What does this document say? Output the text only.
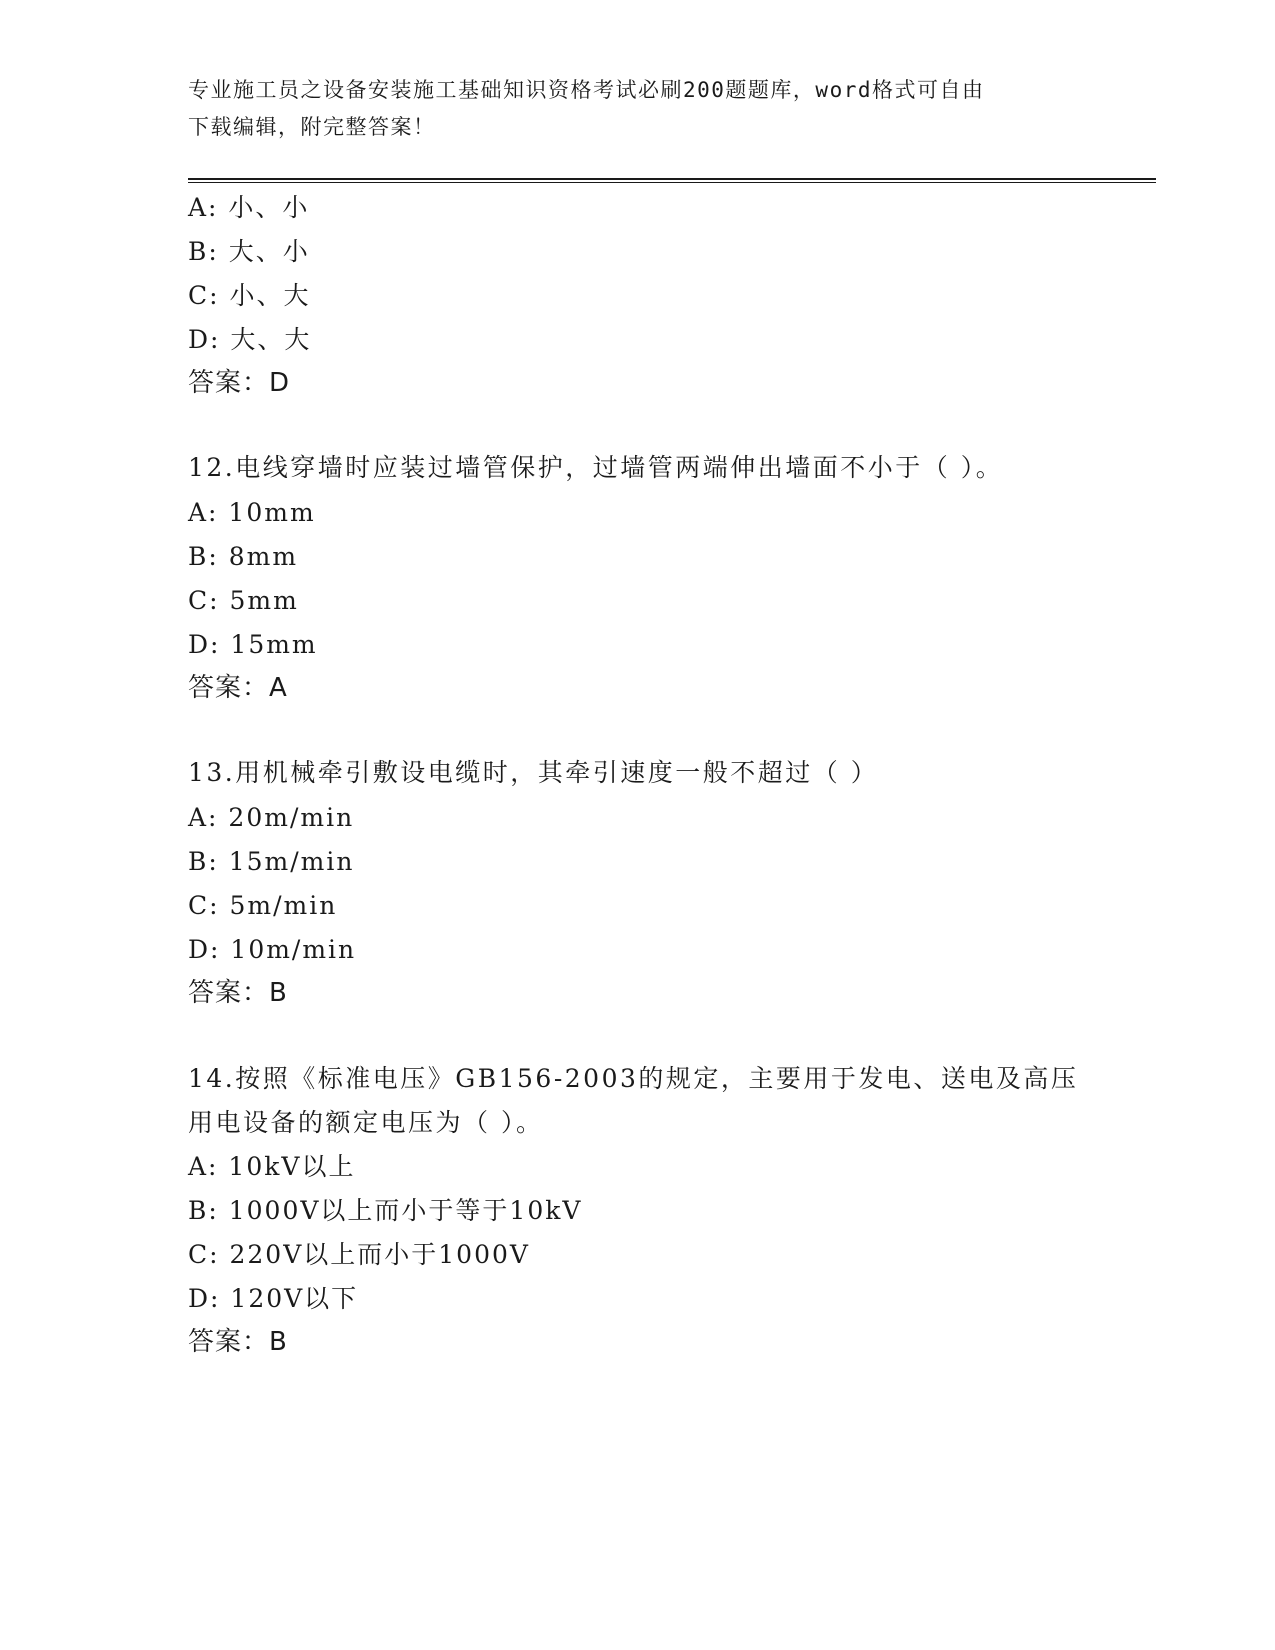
专业施工员之设备安装施工基础知识资格考试必刷200题题库，word格式可自由
下载编辑，附完整答案！
A: 小、小
B: 大、小
C: 小、大
D: 大、大
答案：D
12.电线穿墙时应装过墙管保护，过墙管两端伸出墙面不小于（ ）。
A: 10mm
B: 8mm
C: 5mm
D: 15mm
答案：A
13.用机械牵引敷设电缆时，其牵引速度一般不超过（ ）
A: 20m/min
B: 15m/min
C: 5m/min
D: 10m/min
答案：B
14.按照《标准电压》GB156-2003的规定，主要用于发电、送电及高压
用电设备的额定电压为（ ）。
A: 10kV以上
B: 1000V以上而小于等于10kV
C: 220V以上而小于1000V
D: 120V以下
答案：B
